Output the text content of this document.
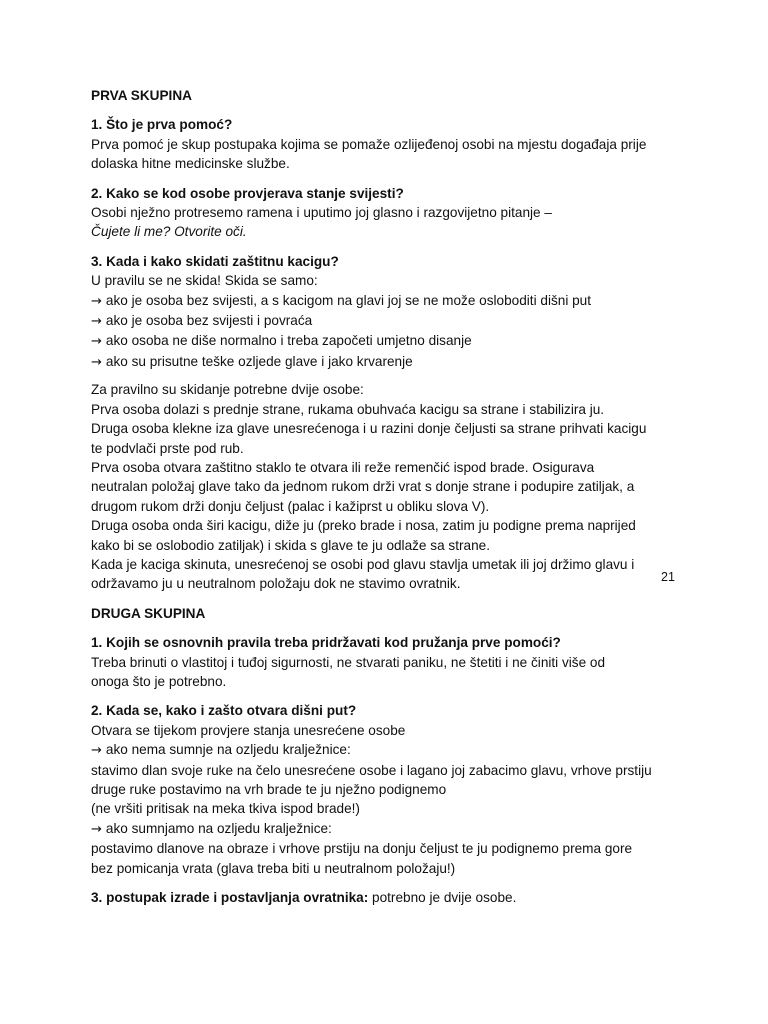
PRVA SKUPINA
1. Što je prva pomoć?
Prva pomoć je skup postupaka kojima se pomaže ozlijeđenoj osobi na mjestu događaja prije
dolaska hitne medicinske službe.
2. Kako se kod osobe provjerava stanje svijesti?
Osobi nježno protresemo ramena i uputimo joj glasno i razgovijetno pitanje –
Čujete li me? Otvorite oči.
3. Kada i kako skidati zaštitnu kacigu?
U pravilu se ne skida! Skida se samo:
→ ako je osoba bez svijesti, a s kacigom na glavi joj se ne može osloboditi dišni put
→ ako je osoba bez svijesti i povraća
→ ako osoba ne diše normalno i treba započeti umjetno disanje
→ ako su prisutne teške ozljede glave i jako krvarenje
Za pravilno su skidanje potrebne dvije osobe:
Prva osoba dolazi s prednje strane, rukama obuhvaća kacigu sa strane i stabilizira ju.
Druga osoba klekne iza glave unesrećenoga i u razini donje čeljusti sa strane prihvati kacigu
te podvlači prste pod rub.
Prva osoba otvara zaštitno staklo te otvara ili reže remenčić ispod brade. Osigurava
neutralan položaj glave tako da jednom rukom drži vrat s donje strane i podupire zatiljak, a
drugom rukom drži donju čeljust (palac i kažiprst u obliku slova V).
Druga osoba onda širi kacigu, diže ju (preko brade i nosa, zatim ju podigne prema naprijed
kako bi se oslobodio zatiljak) i skida s glave te ju odlaže sa strane.
Kada je kaciga skinuta, unesrećenoj se osobi pod glavu stavlja umetak ili joj držimo glavu i
održavamo ju u neutralnom položaju dok ne stavimo ovratnik.
DRUGA SKUPINA
1. Kojih se osnovnih pravila treba pridržavati kod pružanja prve pomoći?
Treba brinuti o vlastitoj i tuđoj sigurnosti, ne stvarati paniku, ne štetiti i ne činiti više od
onoga što je potrebno.
2. Kada se, kako i zašto otvara dišni put?
Otvara se tijekom provjere stanja unesrećene osobe
→ ako nema sumnje na ozljedu kralježnice:
stavimo dlan svoje ruke na čelo unesrećene osobe i lagano joj zabacimo glavu, vrhove prstiju
druge ruke postavimo na vrh brade te ju nježno podignemo
(ne vršiti pritisak na meka tkiva ispod brade!)
→ ako sumnjamo na ozljedu kralježnice:
postavimo dlanove na obraze i vrhove prstiju na donju čeljust te ju podignemo prema gore
bez pomicanja vrata (glava treba biti u neutralnom položaju!)
3. postupak izrade i postavljanja ovratnika: potrebno je dvije osobe.
21
